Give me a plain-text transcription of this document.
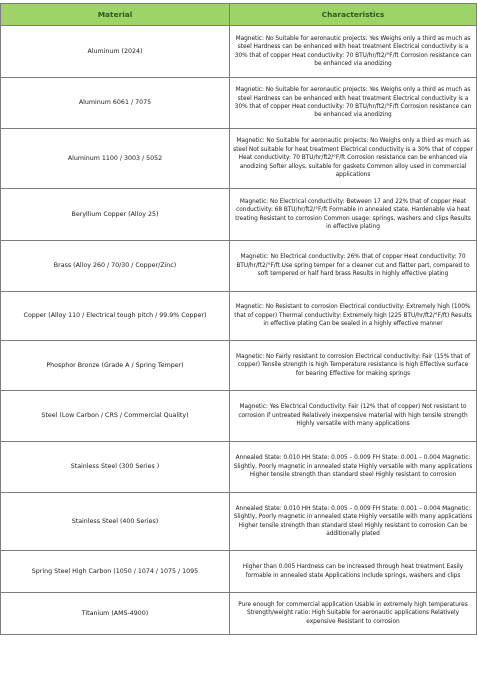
Material	Characteristics
Aluminum (2024)	Magnetic: No Suitable for aeronautic projects: Yes Weighs only a third as much as steel Hardness can be enhanced with heat treatment Electrical conductivity is a 30% that of copper Heat conductivity: 70 BTU/hr/ft2/°F/ft Corrosion resistance can be enhanced via anodizing
Aluminum 6061 / 7075	Magnetic: No Suitable for aeronautic projects: Yes Weighs only a third as much as steel Hardness can be enhanced with heat treatment Electrical conductivity is a 30% that of copper Heat conductivity: 70 BTU/hr/ft2/°F/ft Corrosion resistance can be enhanced via anodizing
Aluminum 1100 / 3003 / 5052	Magnetic: No Suitable for aeronautic projects: No Weighs only a third as much as steel Not suitable for heat treatment Electrical conductivity is a 30% that of copper Heat conductivity: 70 BTU/hr/ft2/°F/ft Corrosion resistance can be enhanced via anodizing Softer alloys, suitable for gaskets Common alloy used in commercial applications
Beryllium Copper (Alloy 25)	Magnetic: No Electrical conductivity: Between 17 and 22% that of copper Heat conductivity: 68 BTU/hr/ft2/°F/ft Formable in annealed state. Hardenable via heat treating Resistant to corrosion Common usage: springs, washers and clips Results in effective plating
Brass (Alloy 260 / 70/30 / Copper/Zinc)	Magnetic: No Electrical conductivity: 26% that of copper Heat conductivity: 70 BTU/hr/ft2/°F/ft Use spring temper for a cleaner cut and flatter part, compared to soft tempered or half hard brass Results in highly effective plating
Copper (Alloy 110 / Electrical tough pitch / 99.9% Copper)	Magnetic: No Resistant to corrosion Electrical conductivity: Extremely high (100% that of copper) Thermal conductivity: Extremely high (225 BTU/hr/ft2/°F/ft) Results in effective plating Can be sealed in a highly effective manner
Phosphor Bronze (Grade A / Spring Temper)	Magnetic: No Fairly resistant to corrosion Electrical conductivity: Fair (15% that of copper) Tensile strength is high Temperature resistance is high Effective surface for bearing Effective for making springs
Steel (Low Carbon / CRS / Commercial Quality)	Magnetic: Yes Electrical Conductivity: Fair (12% that of copper) Not resistant to corrosion if untreated Relatively inexpensive material with high tensile strength Highly versatile with many applications
Stainless Steel (300 Series )	Annealed State: 0.010 HH State: 0.005 – 0.009 FH State: 0.001 – 0.004 Magnetic: Slightly, Poorly magnetic in annealed state Highly versatile with many applications Higher tensile strength than standard steel Highly resistant to corrosion
Stainless Steel (400 Series)	Annealed State: 0.010 HH State: 0.005 – 0.009 FH State: 0.001 – 0.004 Magnetic: Slightly, Poorly magnetic in annealed state Highly versatile with many applications Higher tensile strength than standard steel Highly resistant to corrosion Can be additionally plated
Spring Steel High Carbon (1050 / 1074 / 1075 / 1095	Higher than 0.005 Hardness can be increased through heat treatment Easily formable in annealed state Applications include springs, washers and clips
Titanium (AMS-4900)	Pure enough for commercial application Usable in extremely high temperatures Strength/weight ratio: High Suitable for aeronautic applications Relatively expensive Resistant to corrosion
